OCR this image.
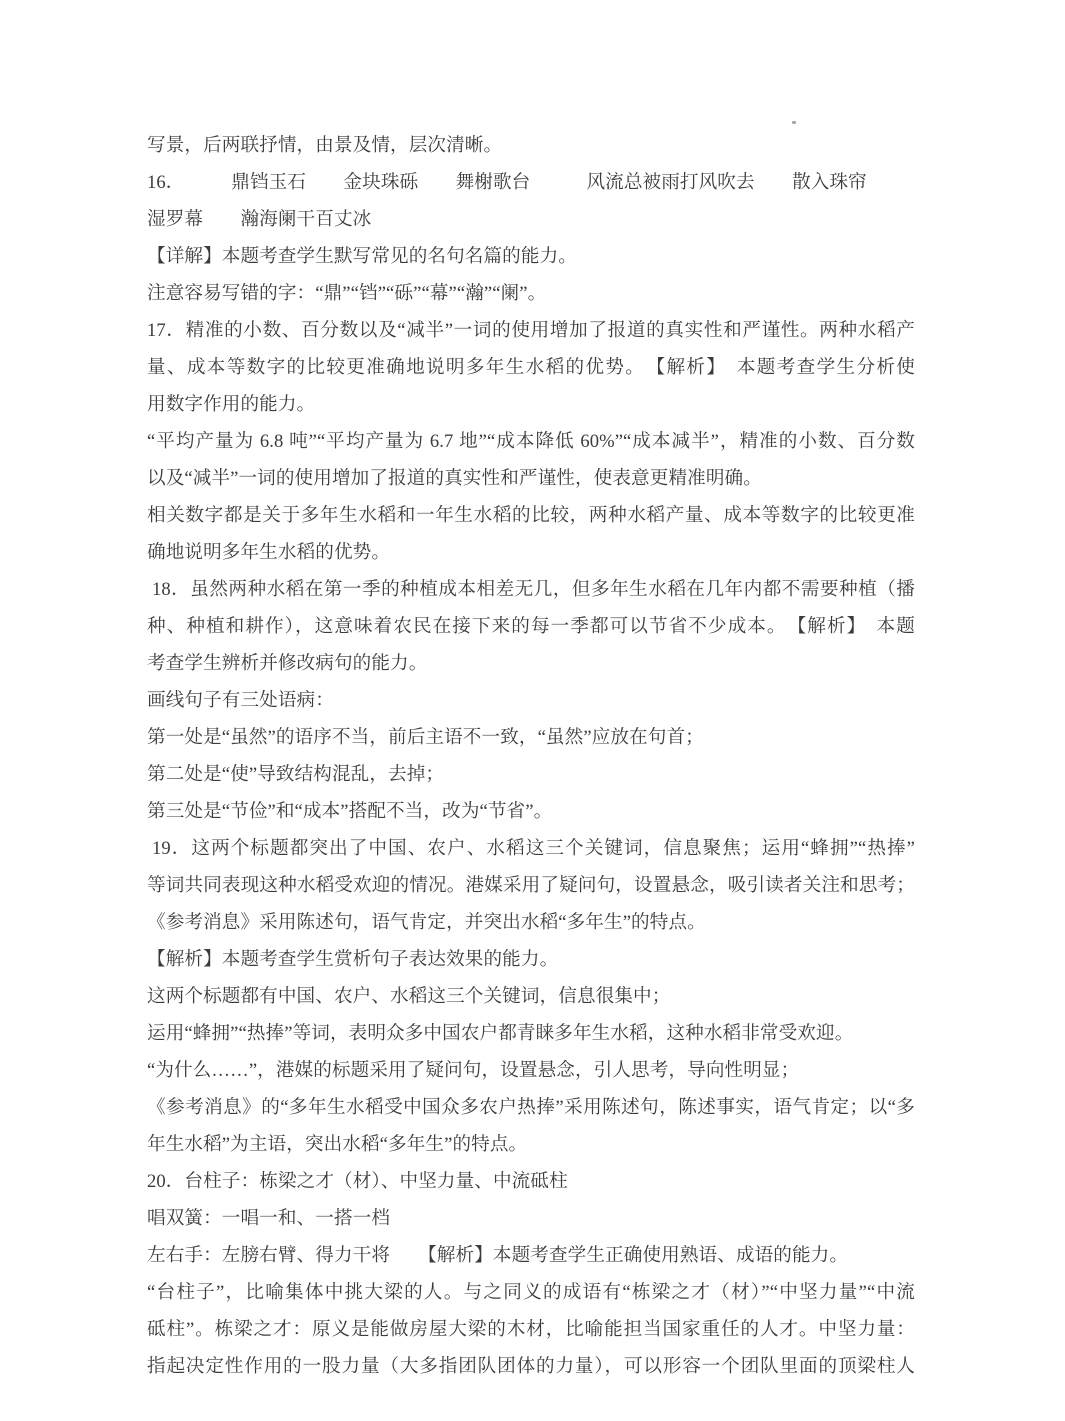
写景，后两联抒情，由景及情，层次清晰。

16．　　　鼎铛玉石　　金块珠砾　　舞榭歌台　　　风流总被雨打风吹去　　散入珠帘

湿罗幕　　瀚海阑干百丈冰

【详解】本题考查学生默写常见的名句名篇的能力。

注意容易写错的字：“鼎”“铛”“砾”“幕”“瀚”“阑”。

17．精准的小数、百分数以及“减半”一词的使用增加了报道的真实性和严谨性。两种水稻产

量、成本等数字的比较更准确地说明多年生水稻的优势。　【解析】　本题考查学生分析使

用数字作用的能力。

“平均产量为 6.8 吨”“平均产量为 6.7 地”“成本降低 60%”“成本减半”，精准的小数、百分数

以及“减半”一词的使用增加了报道的真实性和严谨性，使表意更精准明确。

相关数字都是关于多年生水稻和一年生水稻的比较，两种水稻产量、成本等数字的比较更准

确地说明多年生水稻的优势。

18．虽然两种水稻在第一季的种植成本相差无几，但多年生水稻在几年内都不需要种植（播

种、种植和耕作），这意味着农民在接下来的每一季都可以节省不少成本。　【解析】　本题

考查学生辨析并修改病句的能力。

画线句子有三处语病：

第一处是“虽然”的语序不当，前后主语不一致，“虽然”应放在句首；

第二处是“使”导致结构混乱，去掉；

第三处是“节俭”和“成本”搭配不当，改为“节省”。

19．这两个标题都突出了中国、农户、水稻这三个关键词，信息聚焦；运用“蜂拥”“热捧”

等词共同表现这种水稻受欢迎的情况。港媒采用了疑问句，设置悬念，吸引读者关注和思考；

《参考消息》采用陈述句，语气肯定，并突出水稻“多年生”的特点。

【解析】本题考查学生赏析句子表达效果的能力。

这两个标题都有中国、农户、水稻这三个关键词，信息很集中；

运用“蜂拥”“热捧”等词，表明众多中国农户都青睐多年生水稻，这种水稻非常受欢迎。

“为什么……”，港媒的标题采用了疑问句，设置悬念，引人思考，导向性明显；

《参考消息》的“多年生水稻受中国众多农户热捧”采用陈述句，陈述事实，语气肯定；以“多

年生水稻”为主语，突出水稻“多年生”的特点。

20．台柱子：栋梁之才（材）、中坚力量、中流砥柱

唱双簧：一唱一和、一搭一档

左右手：左膀右臂、得力干将　　【解析】本题考查学生正确使用熟语、成语的能力。

“台柱子”，比喻集体中挑大梁的人。与之同义的成语有“栋梁之才（材）”“中坚力量”“中流

砥柱”。栋梁之才：原义是能做房屋大梁的木材，比喻能担当国家重任的人才。中坚力量：

指起决定性作用的一股力量（大多指团队团体的力量），可以形容一个团队里面的顶梁柱人
